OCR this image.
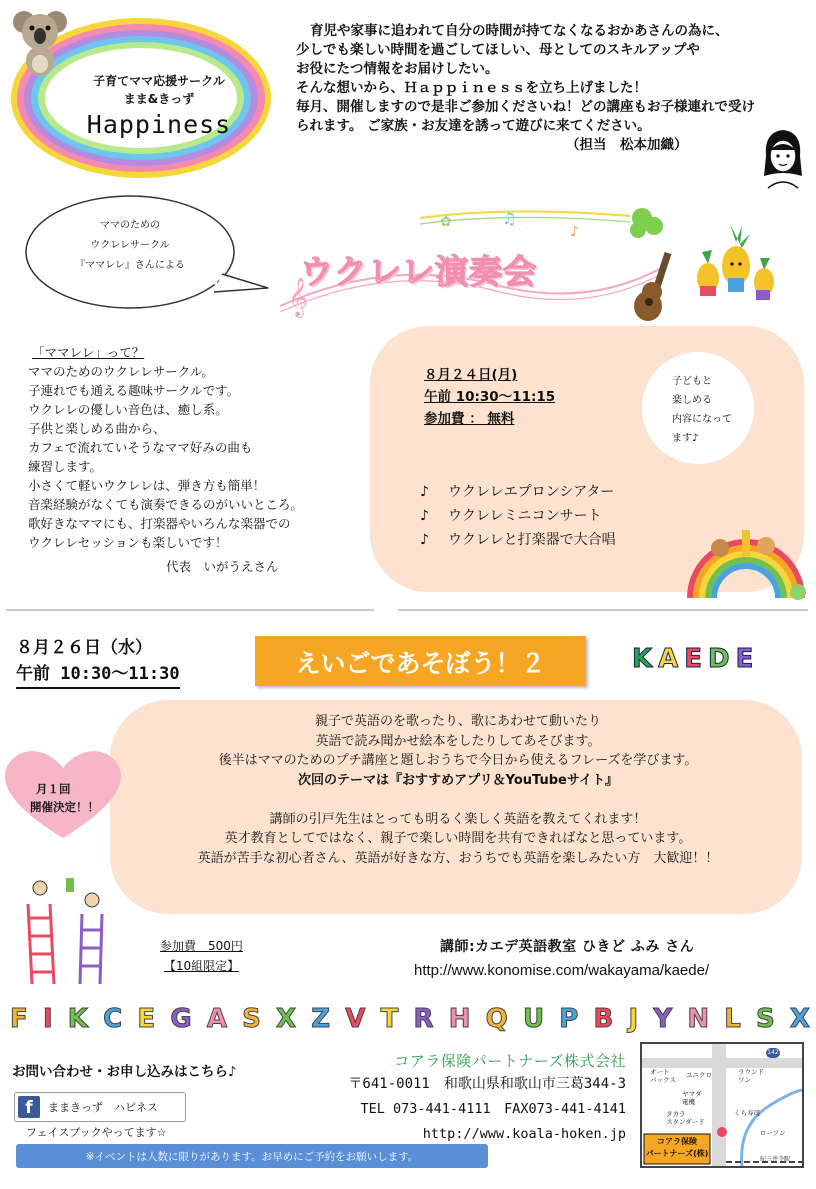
子育てママ応援サークル
まま&きっず
Happiness
育児や家事に追われて自分の時間が持てなくなるおかあさんの為に、
少しでも楽しい時間を過ごしてほしい、母としてのスキルアップや
お役にたつ情報をお届けしたい。
そんな想いから、Ｈａｐｐｉｎｅｓｓを立ち上げました！
毎月、開催しますので是非ご参加くださいね！どの講座もお子様連れで受け
られます。 ご家族・お友達を誘って遊びに来てください。
（担当　松本加織）
ママのための
ウクレレサークル
『ママレレ』さんによる
𝄞
♫
♪
✿
ウクレレ演奏会
「ママレレ」って？
ママのためのウクレレサークル。
子連れでも通える趣味サークルです。
ウクレレの優しい音色は、癒し系。
子供と楽しめる曲から、
カフェで流れていそうなママ好みの曲も
練習します。
小さくて軽いウクレレは、弾き方も簡単！
音楽経験がなくても演奏できるのがいいところ。
歌好きなママにも、打楽器やいろんな楽器での
ウクレレセッションも楽しいです！
代表　いがうえさん
８月２４日(月)
午前 10:30～11:15
参加費 ： 無料
子どもと
楽しめる
内容になって
ます♪
♪ ウクレレエプロンシアター
♪ ウクレレミニコンサート
♪ ウクレレと打楽器で大合唱
８月２６日（水）
午前 10:30～11:30	えいごであそぼう！２	K A E D E
親子で英語のを歌ったり、歌にあわせて動いたり
英語で読み聞かせ絵本をしたりしてあそびます。
後半はママのためのプチ講座と題しおうちで今日から使えるフレーズを学びます。
次回のテーマは『おすすめアプリ＆YouTubeサイト』
講師の引戸先生はとっても明るく楽しく英語を教えてくれます！
英才教育としてではなく、親子で楽しい時間を共有できればなと思っています。
英語が苦手な初心者さん、英語が好きな方、おうちでも英語を楽しみたい方　大歓迎！！
月１回
開催決定！！
参加費　500円
【10組限定】
講師:カエデ英語教室 ひきど ふみ さん
http://www.konomise.com/wakayama/kaede/
F I K C E G A S X Z V T R H Q U P B J Y N L S X
お問い合わせ・お申し込みはこちら♪
f	ままきっず　ハピネス
フェイスブックやってます☆
※イベントは人数に限りがあります。お早めにご予約をお願いします。
コアラ保険パートナーズ株式会社
〒641-0011　和歌山県和歌山市三葛344-3
TEL 073-441-4111　FAX073-441-4141
http://www.koala-hoken.jp
142
オート
バックス
ユニクロ	ラウンド
ワン
ヤマダ
電機
タカラ
スタンダード
くら寿司
ローソン
紀三井寺駅
コアラ保険
パートナーズ(株)
